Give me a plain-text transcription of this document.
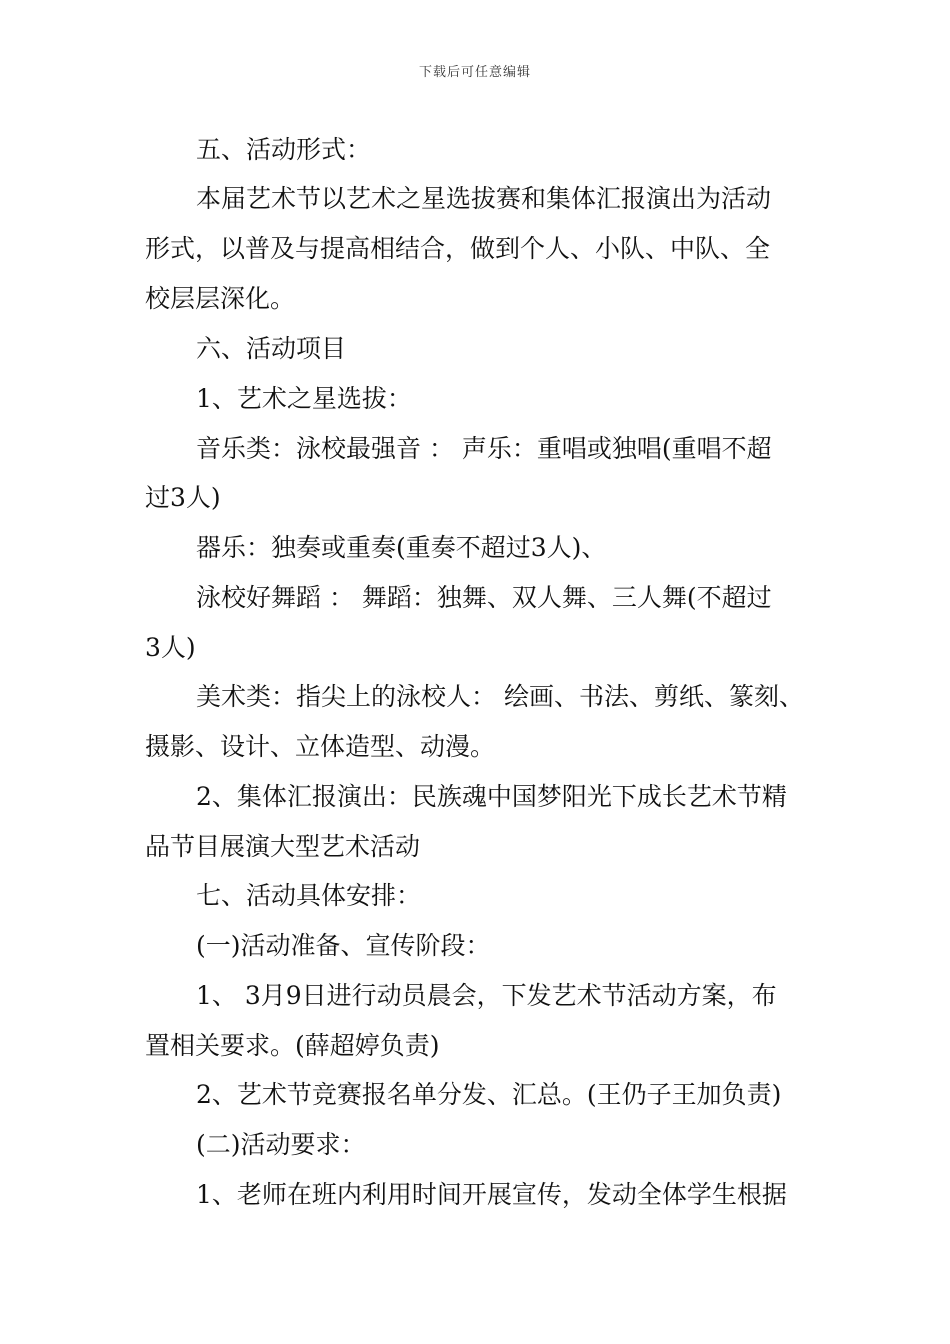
下载后可任意编辑
五、活动形式：
本届艺术节以艺术之星选拔赛和集体汇报演出为活动
形式，以普及与提高相结合，做到个人、小队、中队、全
校层层深化。
六、活动项目
1、艺术之星选拔：
音乐类：泳校最强音 ： 声乐：重唱或独唱(重唱不超
过3人)
器乐：独奏或重奏(重奏不超过3人)、
泳校好舞蹈 ： 舞蹈：独舞、双人舞、三人舞(不超过
3人)
美术类：指尖上的泳校人： 绘画、书法、剪纸、篆刻、
摄影、设计、立体造型、动漫。
2、集体汇报演出：民族魂中国梦阳光下成长艺术节精
品节目展演大型艺术活动
七、活动具体安排：
(一)活动准备、宣传阶段：
1、 3月9日进行动员晨会，下发艺术节活动方案，布
置相关要求。(薛超婷负责)
2、艺术节竞赛报名单分发、汇总。(王仍子王加负责)
(二)活动要求：
1、老师在班内利用时间开展宣传，发动全体学生根据
